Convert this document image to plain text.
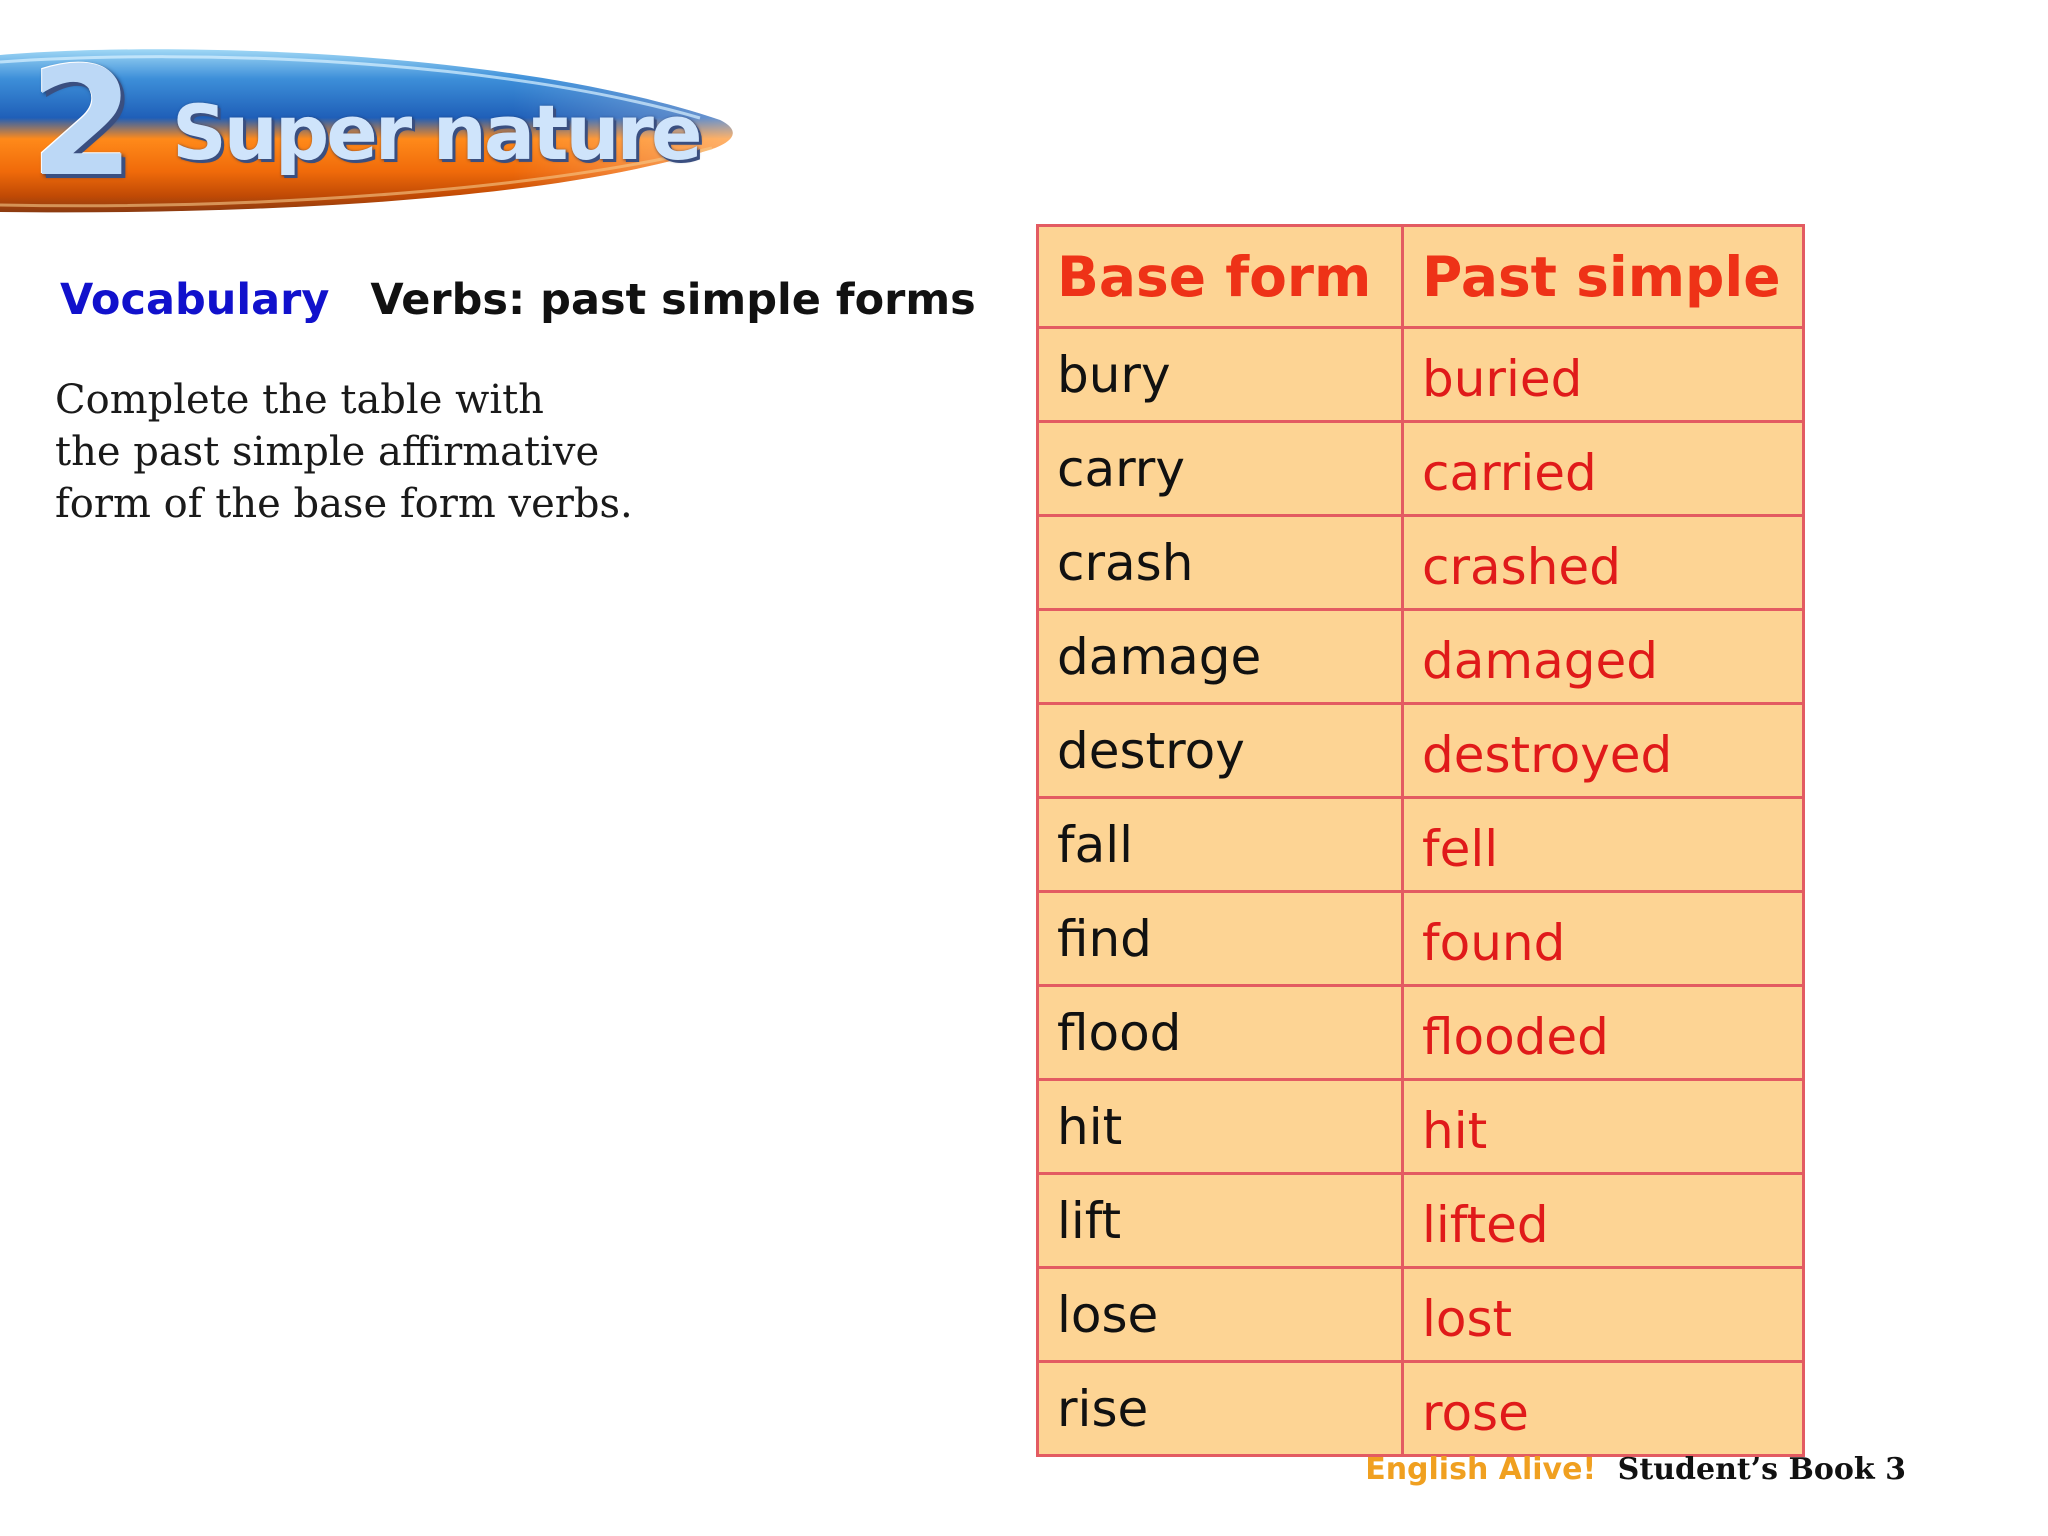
2 Super nature
Vocabulary Verbs: past simple forms
Complete the table with
the past simple affirmative
form of the base form verbs.
Base form	Past simple
bury	buried
carry	carried
crash	crashed
damage	damaged
destroy	destroyed
fall	fell
find	found
flood	flooded
hit	hit
lift	lifted
lose	lost
rise	rose
English Alive! Student’s Book 3
